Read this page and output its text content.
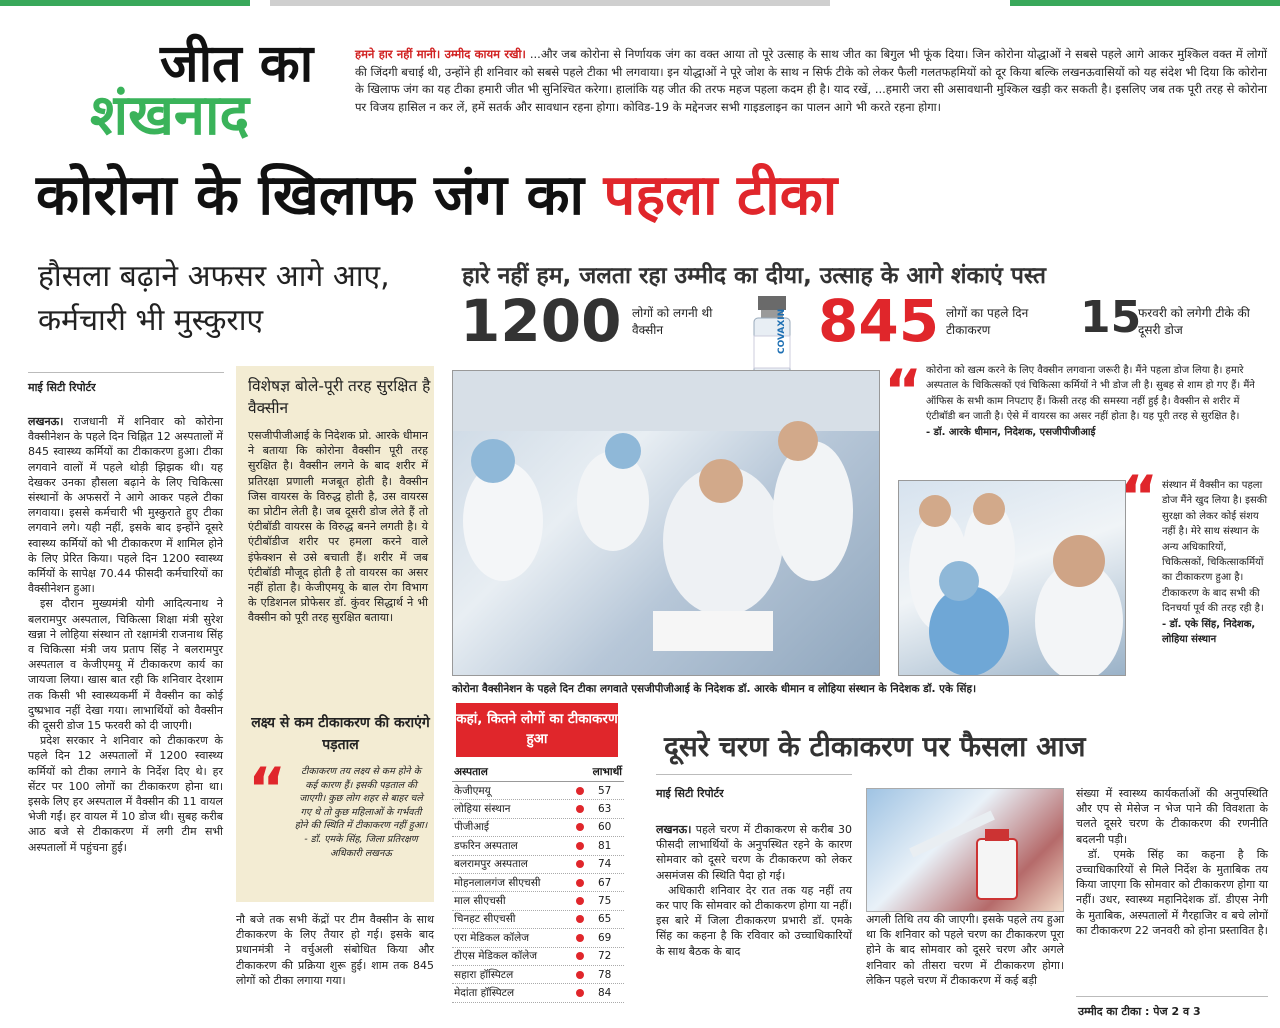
जीत का
शंखनाद
हमने हार नहीं मानी। उम्मीद कायम रखी। ...और जब कोरोना से निर्णायक जंग का वक्त आया तो पूरे उत्साह के साथ जीत का बिगुल भी फूंक दिया। जिन कोरोना योद्धाओं ने सबसे पहले आगे आकर मुश्किल वक्त में लोगों की जिंदगी बचाई थी, उन्होंने ही शनिवार को सबसे पहले टीका भी लगवाया। इन योद्धाओं ने पूरे जोश के साथ न सिर्फ टीके को लेकर फैली गलतफहमियों को दूर किया बल्कि लखनऊवासियों को यह संदेश भी दिया कि कोरोना के खिलाफ जंग का यह टीका हमारी जीत भी सुनिश्चित करेगा। हालांकि यह जीत की तरफ महज पहला कदम ही है। याद रखें, ...हमारी जरा सी असावधानी मुश्किल खड़ी कर सकती है। इसलिए जब तक पूरी तरह से कोरोना पर विजय हासिल न कर लें, हमें सतर्क और सावधान रहना होगा। कोविड-19 के मद्देनजर सभी गाइडलाइन का पालन आगे भी करते रहना होगा।
कोरोना के खिलाफ जंग का पहला टीका
हौसला बढ़ाने अफसर आगे आए, कर्मचारी भी मुस्कुराए
हारे नहीं हम, जलता रहा उम्मीद का दीया, उत्साह के आगे शंकाएं पस्त
1200 लोगों को लगनी थी वैक्सीन	COVAXIN 845 लोगों का पहले दिन टीकाकरण	15
फरवरी को लगेगी टीके की दूसरी डोज
माई सिटी रिपोर्टर

लखनऊ। राजधानी में शनिवार को कोरोना वैक्सीनेशन के पहले दिन चिह्नित 12 अस्पतालों में 845 स्वास्थ्य कर्मियों का टीकाकरण हुआ। टीका लगवाने वालों में पहले थोड़ी झिझक थी। यह देखकर उनका हौसला बढ़ाने के लिए चिकित्सा संस्थानों के अफसरों ने आगे आकर पहले टीका लगवाया। इससे कर्मचारी भी मुस्कुराते हुए टीका लगवाने लगे। यही नहीं, इसके बाद इन्होंने दूसरे स्वास्थ्य कर्मियों को भी टीकाकरण में शामिल होने के लिए प्रेरित किया। पहले दिन 1200 स्वास्थ्य कर्मियों के सापेक्ष 70.44 फीसदी कर्मचारियों का वैक्सीनेशन हुआ।

इस दौरान मुख्यमंत्री योगी आदित्यनाथ ने बलरामपुर अस्पताल, चिकित्सा शिक्षा मंत्री सुरेश खन्ना ने लोहिया संस्थान तो रक्षामंत्री राजनाथ सिंह व चिकित्सा मंत्री जय प्रताप सिंह ने बलरामपुर अस्पताल व केजीएमयू में टीकाकरण कार्य का जायजा लिया। खास बात रही कि शनिवार देरशाम तक किसी भी स्वास्थ्यकर्मी में वैक्सीन का कोई दुष्प्रभाव नहीं देखा गया। लाभार्थियों को वैक्सीन की दूसरी डोज 15 फरवरी को दी जाएगी।

प्रदेश सरकार ने शनिवार को टीकाकरण के पहले दिन 12 अस्पतालों में 1200 स्वास्थ्य कर्मियों को टीका लगाने के निर्देश दिए थे। हर सेंटर पर 100 लोगों का टीकाकरण होना था। इसके लिए हर अस्पताल में वैक्सीन की 11 वायल भेजी गईं। हर वायल में 10 डोज थी। सुबह करीब आठ बजे से टीकाकरण में लगी टीम सभी अस्पतालों में पहुंचना हुई।

विशेषज्ञ बोले-पूरी तरह सुरक्षित है वैक्सीन
एसजीपीजीआई के निदेशक प्रो. आरके धीमान ने बताया कि कोरोना वैक्सीन पूरी तरह सुरक्षित है। वैक्सीन लगने के बाद शरीर में प्रतिरक्षा प्रणाली मजबूत होती है। वैक्सीन जिस वायरस के विरुद्ध होती है, उस वायरस का प्रोटीन लेती है। जब दूसरी डोज लेते हैं तो एंटीबॉडी वायरस के विरुद्ध बनने लगती है। ये एंटीबॉडीज शरीर पर हमला करने वाले इंफेक्शन से उसे बचाती हैं। शरीर में जब एंटीबॉडी मौजूद होती है तो वायरस का असर नहीं होता है। केजीएमयू के बाल रोग विभाग के एडिशनल प्रोफेसर डॉ. कुंवर सिद्धार्थ ने भी वैक्सीन को पूरी तरह सुरक्षित बताया।
लक्ष्य से कम टीकाकरण की कराएंगे पड़ताल
“	टीकाकरण तय लक्ष्य से कम होने के कई कारण हैं। इसकी पड़ताल की जाएगी। कुछ लोग शहर से बाहर चले गए थे तो कुछ महिलाओं के गर्भवती होने की स्थिति में टीकाकरण नहीं हुआ। - डॉ. एमके सिंह, जिला प्रतिरक्षण अधिकारी लखनऊ
नौ बजे तक सभी केंद्रों पर टीम वैक्सीन के साथ टीकाकरण के लिए तैयार हो गई। इसके बाद प्रधानमंत्री ने वर्चुअली संबोधित किया और टीकाकरण की प्रक्रिया शुरू हुई। शाम तक 845 लोगों को टीका लगाया गया।
कोरोना वैक्सीनेशन के पहले दिन टीका लगवाते एसजीपीजीआई के निदेशक डॉ. आरके धीमान व लोहिया संस्थान के निदेशक डॉ. एके सिंह।
“ कोरोना को खत्म करने के लिए वैक्सीन लगवाना जरूरी है। मैंने पहला डोज लिया है। हमारे अस्पताल के चिकित्सकों एवं चिकित्सा कर्मियों ने भी डोज ली है। सुबह से शाम हो गए हैं। मैंने ऑफिस के सभी काम निपटाए हैं। किसी तरह की समस्या नहीं हुई है। वैक्सीन से शरीर में एंटीबॉडी बन जाती है। ऐसे में वायरस का असर नहीं होता है। यह पूरी तरह से सुरक्षित है।
- डॉ. आरके धीमान, निदेशक, एसजीपीजीआई
“ संस्थान में वैक्सीन का पहला डोज मैंने खुद लिया है। इसकी सुरक्षा को लेकर कोई संशय नहीं है। मेरे साथ संस्थान के अन्य अधिकारियों, चिकित्सकों, चिकित्साकर्मियों का टीकाकरण हुआ है। टीकाकरण के बाद सभी की दिनचर्या पूर्व की तरह रही है।
- डॉ. एके सिंह, निदेशक, लोहिया संस्थान
कहां, कितने लोगों का टीकाकरण हुआ
अस्पताल	लाभार्थी
केजीएमयू	57
लोहिया संस्थान	63
पीजीआई	60
डफरिन अस्पताल	81
बलरामपुर अस्पताल	74
मोहनलालगंज सीएचसी	67
माल सीएचसी	75
चिनहट सीएचसी	65
एरा मेडिकल कॉलेज	69
टीएस मेडिकल कॉलेज	72
सहारा हॉस्पिटल	78
मेदांता हॉस्पिटल	84
दूसरे चरण के टीकाकरण पर फैसला आज
माई सिटी रिपोर्टर

लखनऊ। पहले चरण में टीकाकरण से करीब 30 फीसदी लाभार्थियों के अनुपस्थित रहने के कारण सोमवार को दूसरे चरण के टीकाकरण को लेकर असमंजस की स्थिति पैदा हो गई।

अधिकारी शनिवार देर रात तक यह नहीं तय कर पाए कि सोमवार को टीकाकरण होगा या नहीं। इस बारे में जिला टीकाकरण प्रभारी डॉ. एमके सिंह का कहना है कि रविवार को उच्चाधिकारियों के साथ बैठक के बाद

अगली तिथि तय की जाएगी। इसके पहले तय हुआ था कि शनिवार को पहले चरण का टीकाकरण पूरा होने के बाद सोमवार को दूसरे चरण और अगले शनिवार को तीसरा चरण में टीकाकरण होगा। लेकिन पहले चरण में टीकाकरण में कई बड़ी

संख्या में स्वास्थ्य कार्यकर्ताओं की अनुपस्थिति और एप से मेसेज न भेज पाने की विवशता के चलते दूसरे चरण के टीकाकरण की रणनीति बदलनी पड़ी।

डॉ. एमके सिंह का कहना है कि उच्चाधिकारियों से मिले निर्देश के मुताबिक तय किया जाएगा कि सोमवार को टीकाकरण होगा या नहीं। उधर, स्वास्थ्य महानिदेशक डॉ. डीएस नेगी के मुताबिक, अस्पतालों में गैरहाजिर व बचे लोगों का टीकाकरण 22 जनवरी को होना प्रस्तावित है।

उम्मीद का टीका : पेज 2 व 3
